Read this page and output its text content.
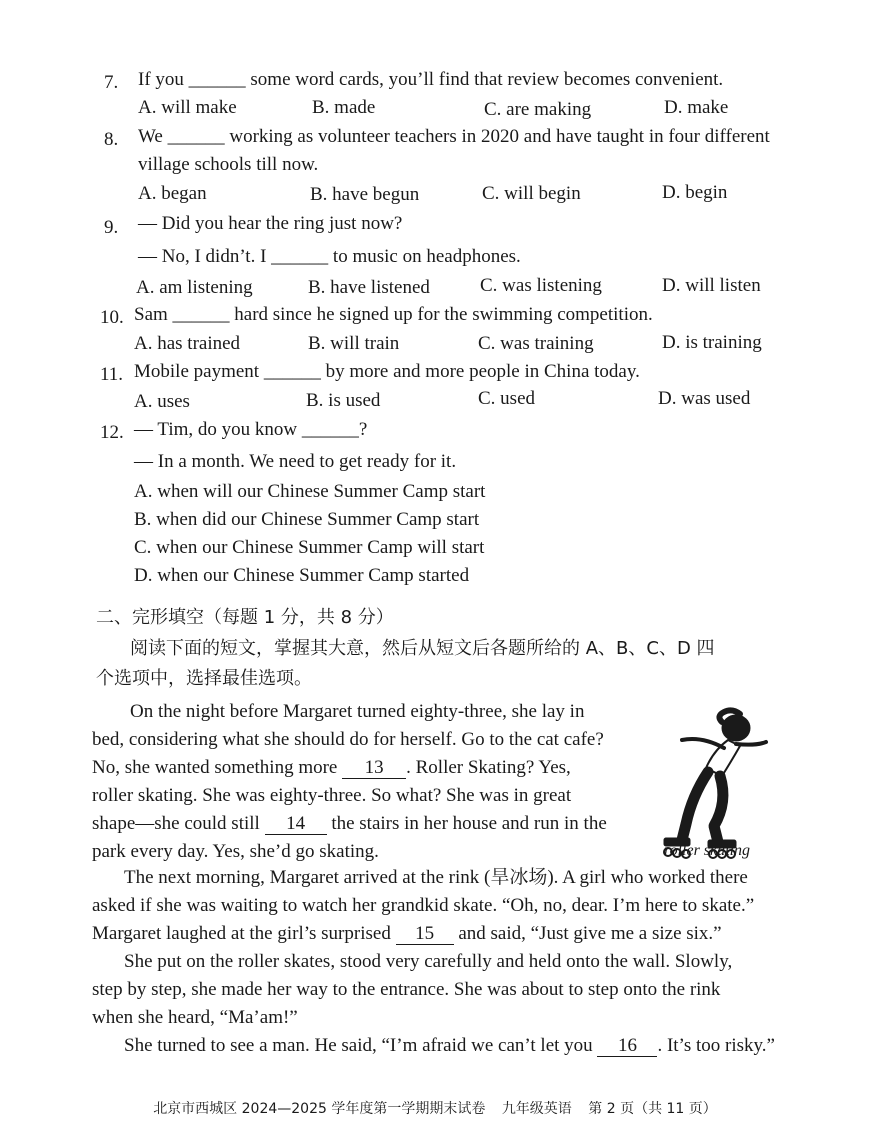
7. If you ______ some word cards, you’ll find that review becomes convenient.
A. will make	B. made	C. are making	D. make
8. We ______ working as volunteer teachers in 2020 and have taught in four different
village schools till now.
A. began	B. have begun	C. will begin	D. begin
9. — Did you hear the ring just now?
— No, I didn’t. I ______ to music on headphones.
A. am listening	B. have listened	C. was listening	D. will listen
10. Sam ______ hard since he signed up for the swimming competition.
A. has trained	B. will train	C. was training	D. is training
11. Mobile payment ______ by more and more people in China today.
A. uses	B. is used	C. used	D. was used
12. — Tim, do you know ______?
— In a month. We need to get ready for it.
A. when will our Chinese Summer Camp start
B. when did our Chinese Summer Camp start
C. when our Chinese Summer Camp will start
D. when our Chinese Summer Camp started
二、完形填空（每题 1 分，共 8 分）
阅读下面的短文，掌握其大意，然后从短文后各题所给的 A、B、C、D 四
个选项中，选择最佳选项。
On the night before Margaret turned eighty-three, she lay in
bed, considering what she should do for herself. Go to the cat cafe?
No, she wanted something more 13 . Roller Skating? Yes,
roller skating. She was eighty-three. So what? She was in great
shape—she could still 14 the stairs in her house and run in the
park every day. Yes, she’d go skating.	roller skating
The next morning, Margaret arrived at the rink (旱冰场). A girl who worked there
asked if she was waiting to watch her grandkid skate. “Oh, no, dear. I’m here to skate.”
Margaret laughed at the girl’s surprised 15 and said, “Just give me a size six.”
She put on the roller skates, stood very carefully and held onto the wall. Slowly,
step by step, she made her way to the entrance. She was about to step onto the rink
when she heard, “Ma’am!”
She turned to see a man. He said, “I’m afraid we can’t let you 16 . It’s too risky.”
北京市西城区 2024—2025 学年度第一学期期末试卷 九年级英语 第 2 页（共 11 页）
